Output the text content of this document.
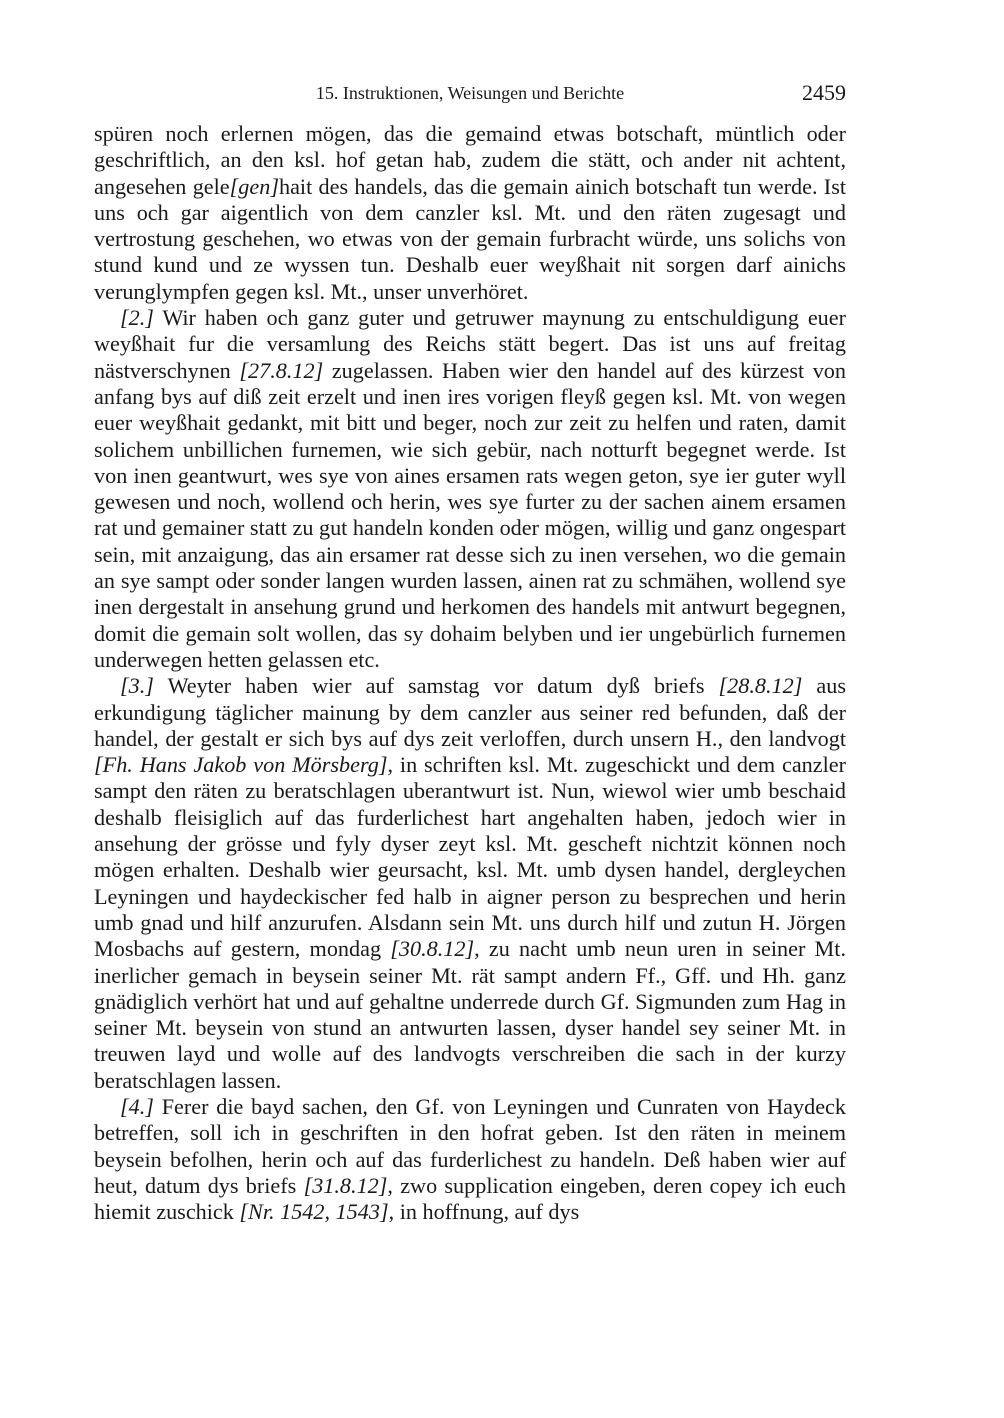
15. Instruktionen, Weisungen und Berichte	2459

spüren noch erlernen mögen, das die gemaind etwas botschaft, müntlich oder geschriftlich, an den ksl. hof getan hab, zudem die stätt, och ander nit achtent, angesehen gele[gen]hait des handels, das die gemain ainich botschaft tun werde. Ist uns och gar aigentlich von dem canzler ksl. Mt. und den räten zugesagt und vertrostung geschehen, wo etwas von der gemain furbracht würde, uns solichs von stund kund und ze wyssen tun. Deshalb euer weyßhait nit sorgen darf ainichs verunglympfen gegen ksl. Mt., unser unverhöret.

[2.] Wir haben och ganz guter und getruwer maynung zu entschuldigung euer weyßhait fur die versamlung des Reichs stätt begert. Das ist uns auf freitag nästverschynen [27.8.12] zugelassen. Haben wier den handel auf des kürzest von anfang bys auf diß zeit erzelt und inen ires vorigen fleyß gegen ksl. Mt. von wegen euer weyßhait gedankt, mit bitt und beger, noch zur zeit zu helfen und raten, damit solichem unbillichen furnemen, wie sich gebür, nach notturft begegnet werde. Ist von inen geantwurt, wes sye von aines ersamen rats wegen geton, sye ier guter wyll gewesen und noch, wollend och herin, wes sye furter zu der sachen ainem ersamen rat und gemainer statt zu gut handeln konden oder mögen, willig und ganz ongespart sein, mit anzaigung, das ain ersamer rat desse sich zu inen versehen, wo die gemain an sye sampt oder sonder langen wurden lassen, ainen rat zu schmähen, wollend sye inen dergestalt in ansehung grund und herkomen des handels mit antwurt begegnen, domit die gemain solt wollen, das sy dohaim belyben und ier ungebürlich furnemen underwegen hetten gelassen etc.

[3.] Weyter haben wier auf samstag vor datum dyß briefs [28.8.12] aus erkundigung täglicher mainung by dem canzler aus seiner red befunden, daß der handel, der gestalt er sich bys auf dys zeit verloffen, durch unsern H., den landvogt [Fh. Hans Jakob von Mörsberg], in schriften ksl. Mt. zugeschickt und dem canzler sampt den räten zu beratschlagen uberantwurt ist. Nun, wiewol wier umb beschaid deshalb fleisiglich auf das furderlichest hart angehalten haben, jedoch wier in ansehung der grösse und fyly dyser zeyt ksl. Mt. gescheft nichtzit können noch mögen erhalten. Deshalb wier geursacht, ksl. Mt. umb dysen handel, dergleychen Leyningen und haydeckischer fed halb in aigner person zu besprechen und herin umb gnad und hilf anzurufen. Alsdann sein Mt. uns durch hilf und zutun H. Jörgen Mosbachs auf gestern, mondag [30.8.12], zu nacht umb neun uren in seiner Mt. inerlicher gemach in beysein seiner Mt. rät sampt andern Ff., Gff. und Hh. ganz gnädiglich verhört hat und auf gehaltne underrede durch Gf. Sigmunden zum Hag in seiner Mt. beysein von stund an antwurten lassen, dyser handel sey seiner Mt. in treuwen layd und wolle auf des landvogts verschreiben die sach in der kurzy beratschlagen lassen.

[4.] Ferer die bayd sachen, den Gf. von Leyningen und Cunraten von Haydeck betreffen, soll ich in geschriften in den hofrat geben. Ist den räten in meinem beysein befolhen, herin och auf das furderlichest zu handeln. Deß haben wier auf heut, datum dys briefs [31.8.12], zwo supplication eingeben, deren copey ich euch hiemit zuschick [Nr. 1542, 1543], in hoffnung, auf dys
